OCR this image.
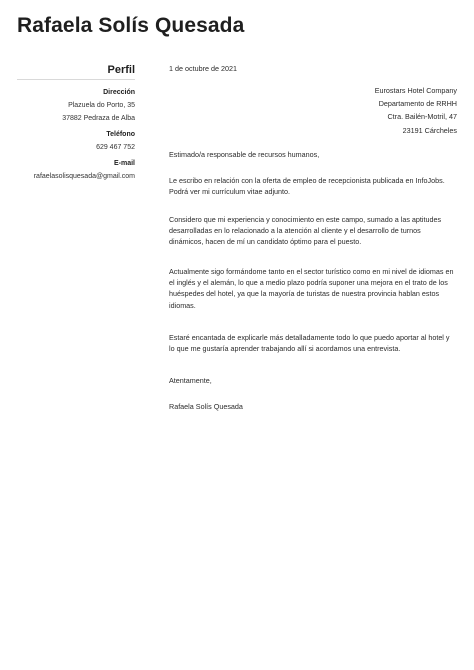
Rafaela Solís Quesada
Perfil
Dirección
Plazuela do Porto, 35
37882 Pedraza de Alba
Teléfono
629 467 752
E-mail
rafaelasolisquesada@gmail.com
1 de octubre de 2021
Eurostars Hotel Company
Departamento de RRHH
Ctra. Bailén-Motril, 47
23191 Cárcheles
Estimado/a responsable de recursos humanos,
Le escribo en relación con la oferta de empleo de recepcionista publicada en InfoJobs. Podrá ver mi currículum vitae adjunto.
Considero que mi experiencia y conocimiento en este campo, sumado a las aptitudes desarrolladas en lo relacionado a la atención al cliente y el desarrollo de turnos dinámicos, hacen de mí un candidato óptimo para el puesto.
Actualmente sigo formándome tanto en el sector turístico como en mi nivel de idiomas en el inglés y el alemán, lo que a medio plazo podría suponer una mejora en el trato de los huéspedes del hotel, ya que la mayoría de turistas de nuestra provincia hablan estos idiomas.
Estaré encantada de explicarle más detalladamente todo lo que puedo aportar al hotel y lo que me gustaría aprender trabajando allí si acordamos una entrevista.
Atentamente,
Rafaela Solís Quesada
